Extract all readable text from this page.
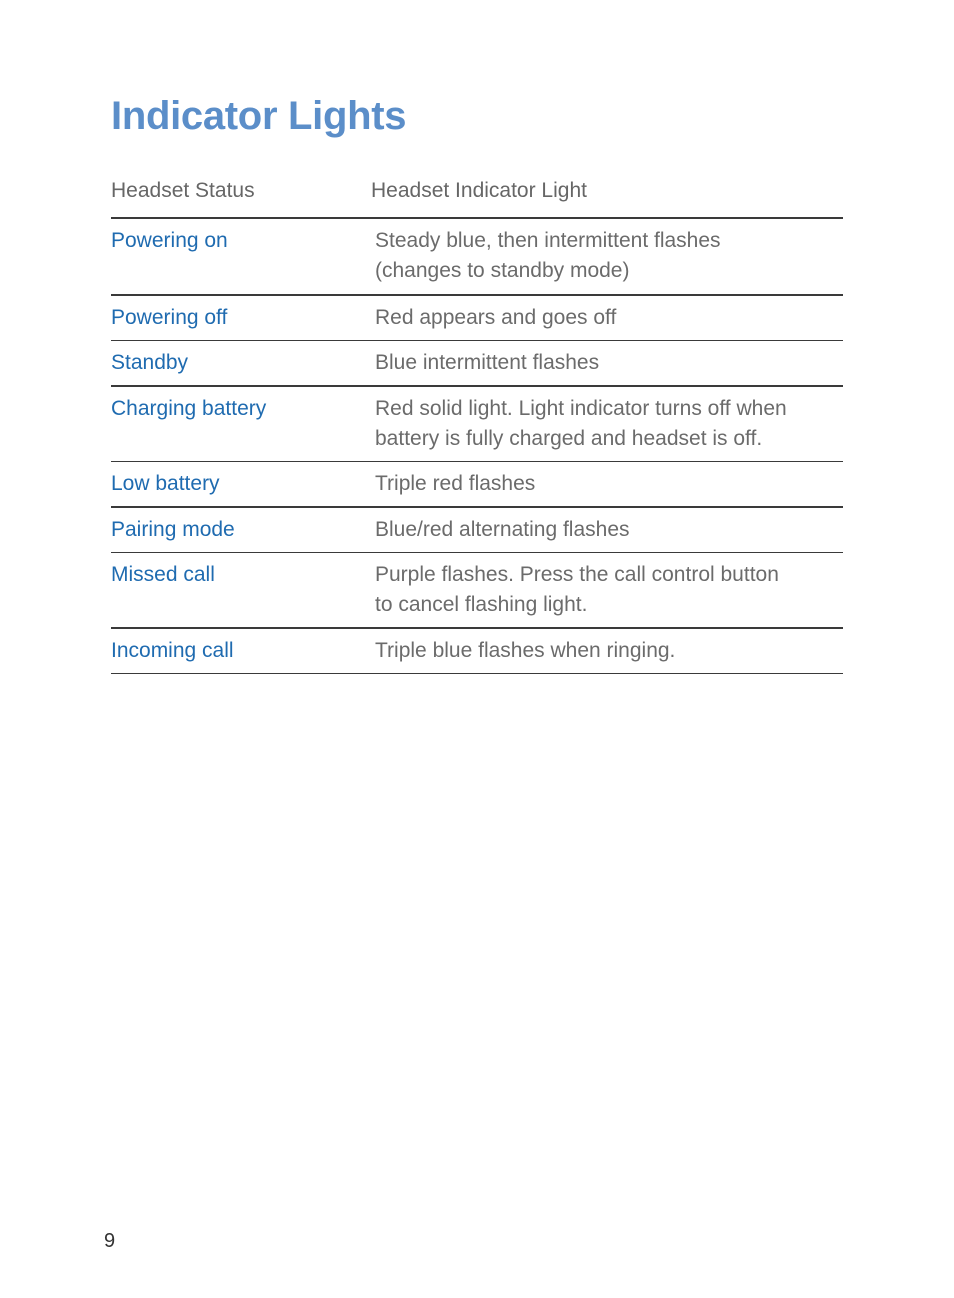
Indicator Lights
Headset Status	Headset Indicator Light
Powering on	Steady blue, then intermittent flashes
(changes to standby mode)
Powering off	Red appears and goes off
Standby	Blue intermittent flashes
Charging battery	Red solid light. Light indicator turns off when
battery is fully charged and headset is off.
Low battery	Triple red flashes
Pairing mode	Blue/red alternating flashes
Missed call	Purple flashes. Press the call control button
to cancel flashing light.
Incoming call	Triple blue flashes when ringing.
9
